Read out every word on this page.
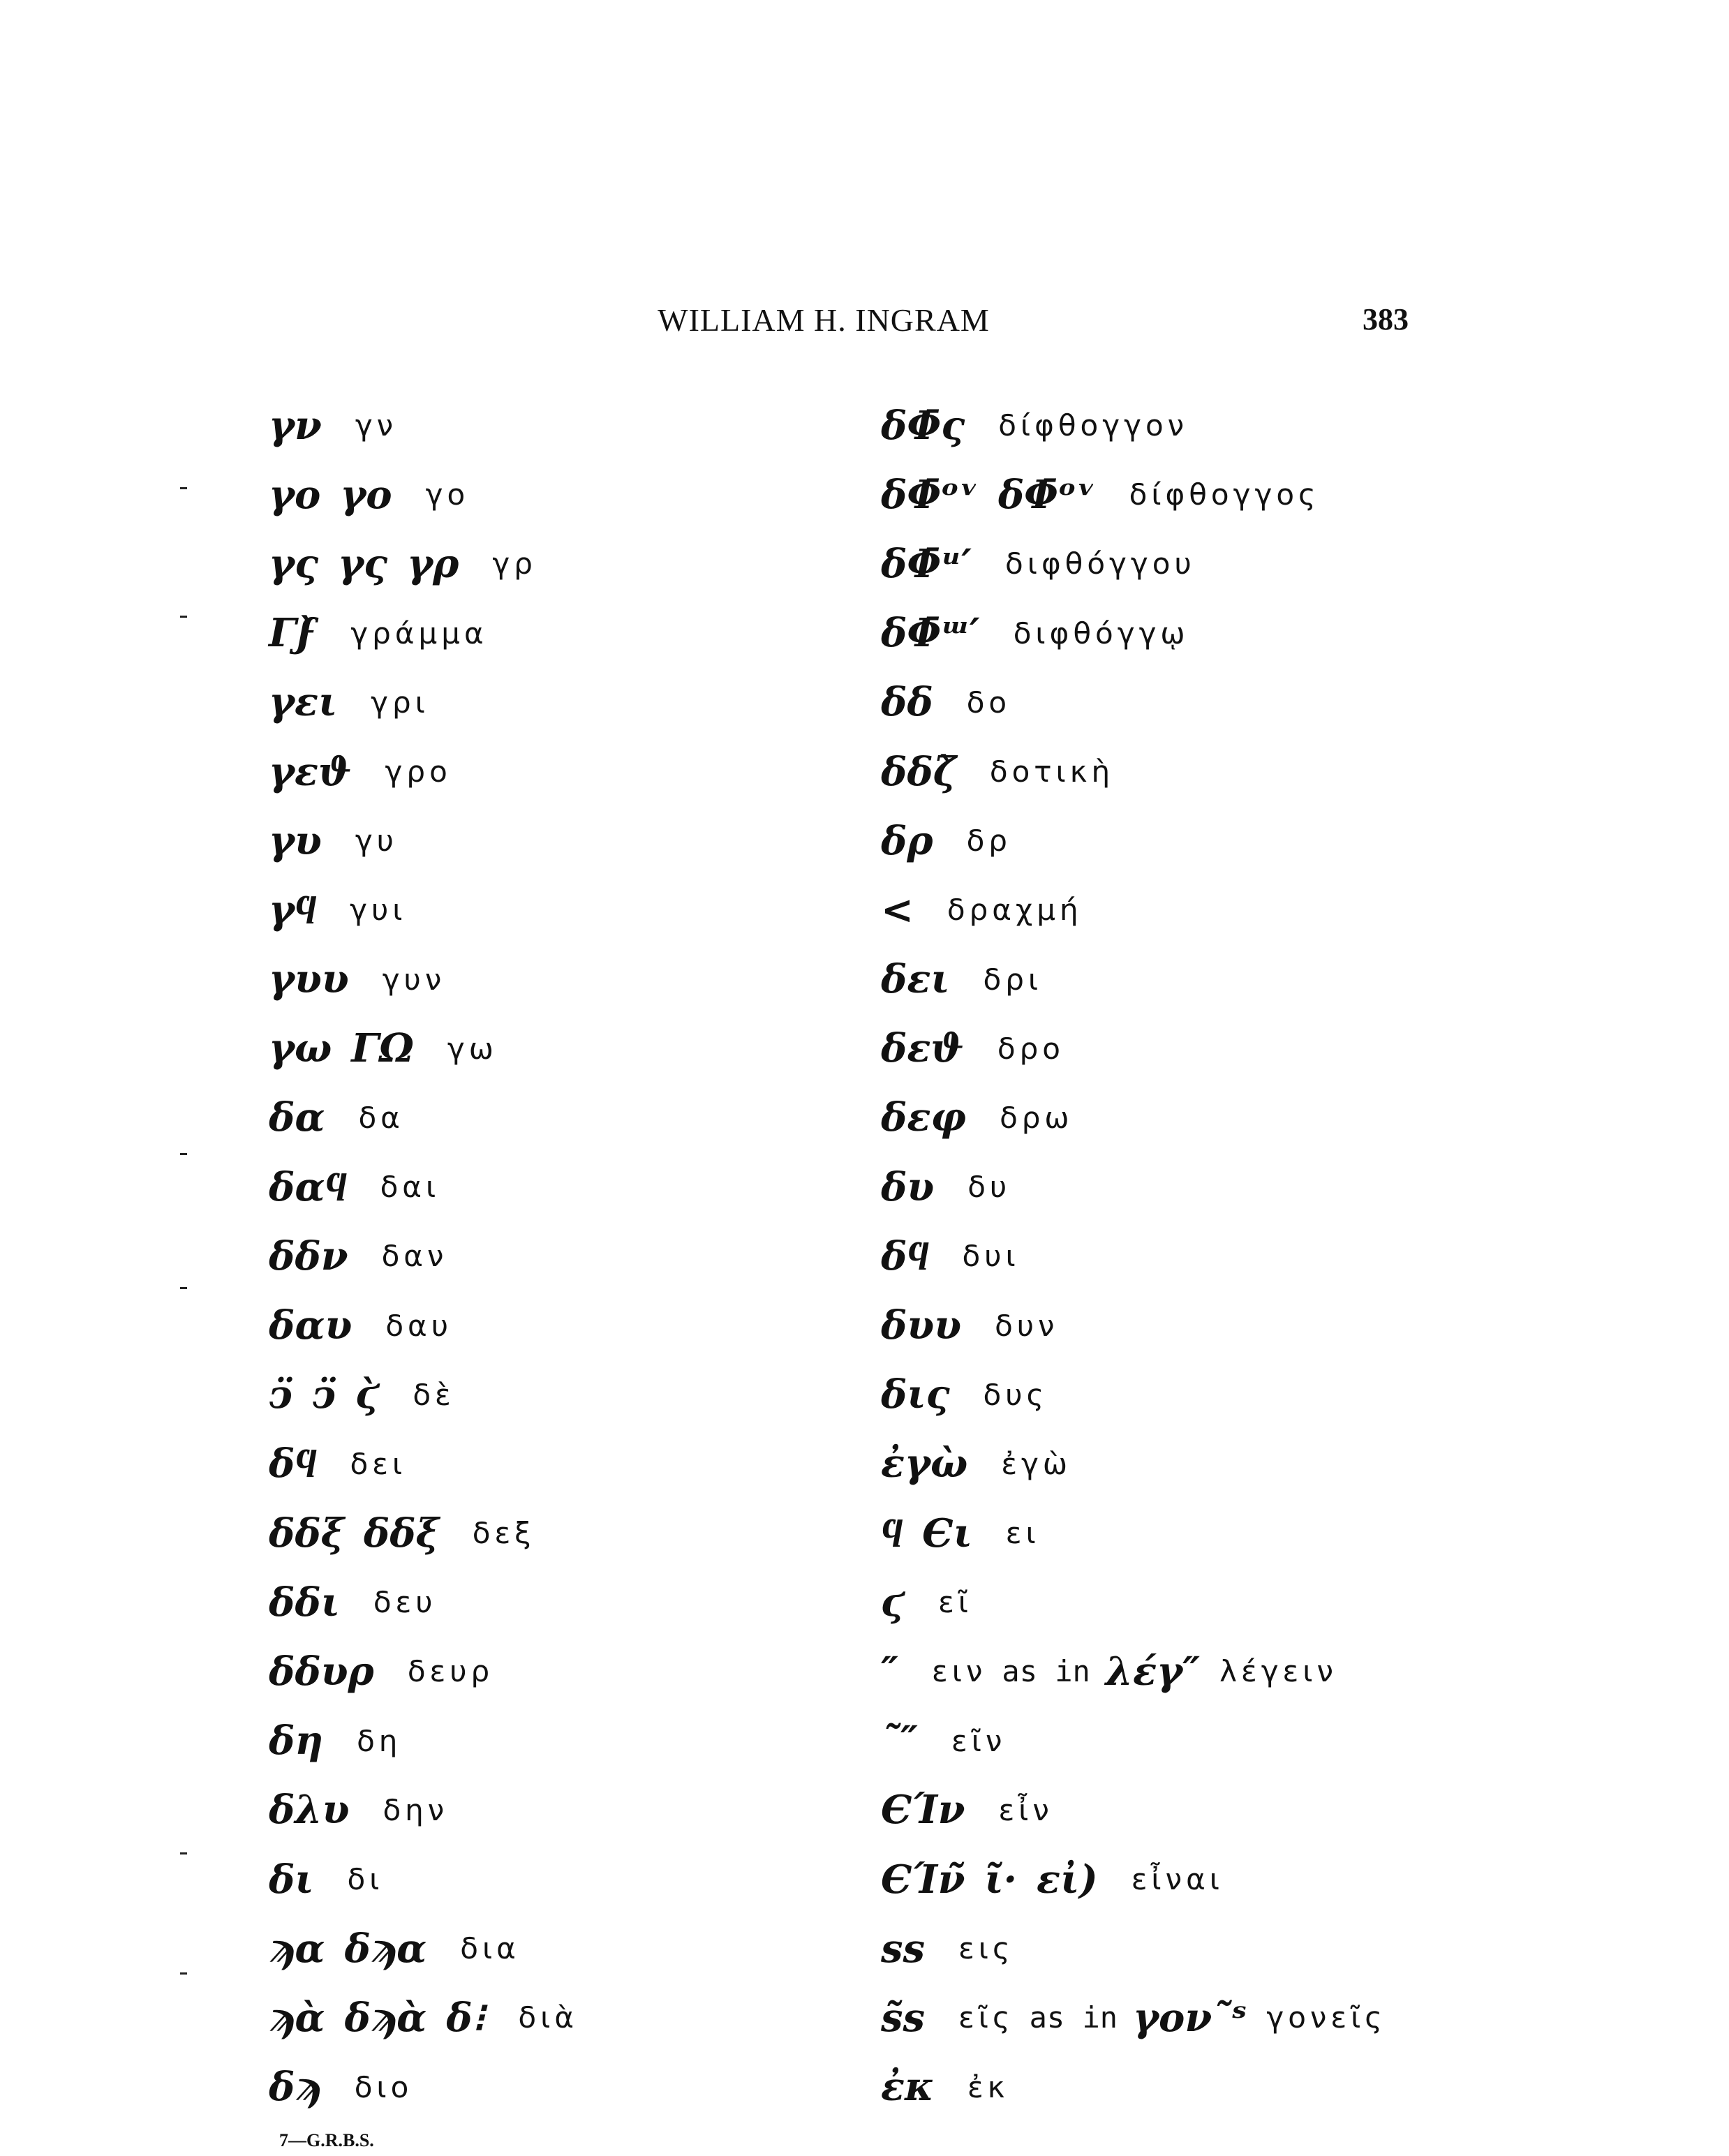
WILLIAM H. INGRAM	383
γν γν
γο γο γο
γς γς γρ γρ
Γϝ̀ γράμμα
γει γρι
γεϑ γρο
γυ γυ
γϥ γυι
γυυ γυν
γω ΓΩ γω
δα δα
δαϥ δαι
δδν δαν
δαυ δαυ
ͻ̈ ͻ̈ ϛ̀ δὲ
δϥ δει
δδξ δδξ δεξ
δδι δευ
δδυρ δευρ
δη δη
δλυ δην
δι δι
ϡα δϡα δια
ϡὰ δϡὰ δ⁝ διὰ
δϡ διο
δΦ̄ς δίφθογγον
δΦ̄ᵒᵛ δΦ̄ᵒᵛ δίφθογγος
δΦ̄ᵘ′ διφθόγγου
δΦ̄ᵚ′ διφθόγγῳ
δδ δο
δδζ̀ δοτικὴ
δρ δρ
< δραχμή
δει δρι
δεϑ δρο
δεφ δρω
δυ δυ
δϥ δυι
δυυ δυν
δις δυς
ἐγὼ ἐγὼ
ϥ Єι ει
ϛ εῖ
″ ειν as in λέγ″ λέγειν
῀″ εῖν
ЄΊν εἶν
ЄΊν̃ ῖ· εἰ) εἶναι
ss εις
s̃s εῖς as in γον˜ˢ γονεῖς
ἐκ ἐκ
7—G.R.B.S.
